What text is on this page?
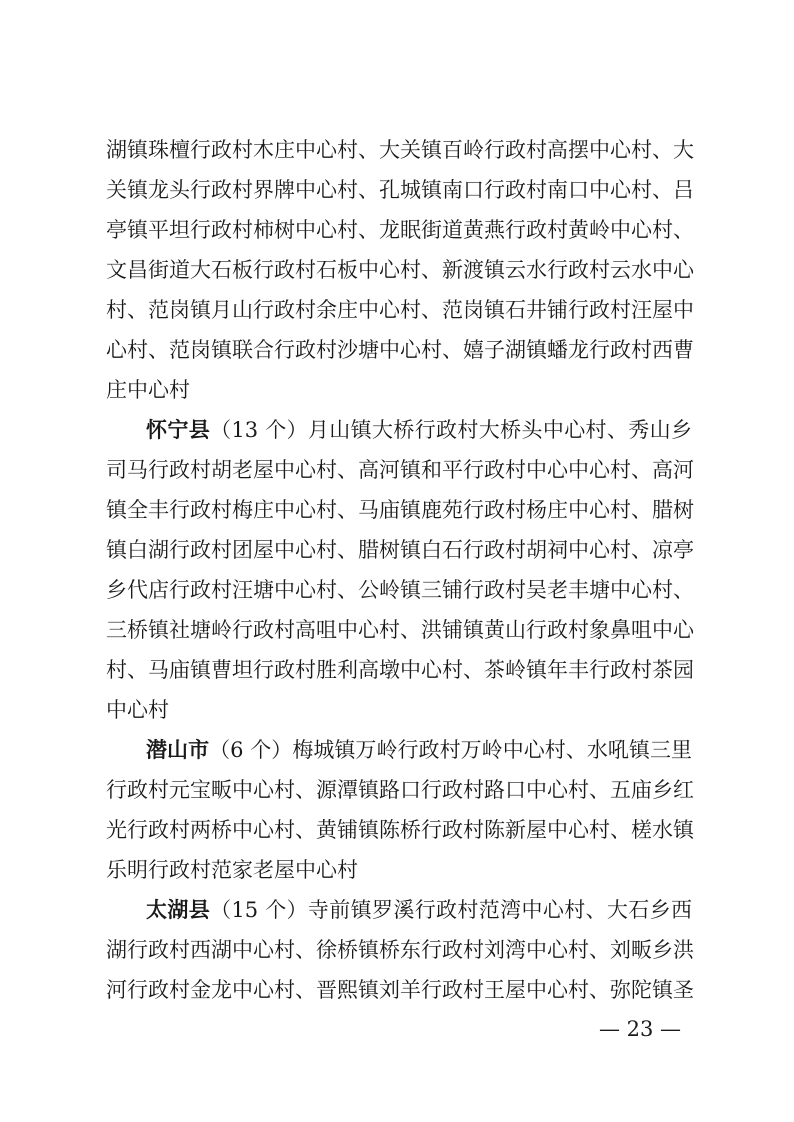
湖镇珠檀行政村木庄中心村、大关镇百岭行政村高摆中心村、大
关镇龙头行政村界牌中心村、孔城镇南口行政村南口中心村、吕
亭镇平坦行政村柿树中心村、龙眠街道黄燕行政村黄岭中心村、
文昌街道大石板行政村石板中心村、新渡镇云水行政村云水中心
村、范岗镇月山行政村余庄中心村、范岗镇石井铺行政村汪屋中
心村、范岗镇联合行政村沙塘中心村、嬉子湖镇蟠龙行政村西曹
庄中心村
怀宁县（13 个）月山镇大桥行政村大桥头中心村、秀山乡
司马行政村胡老屋中心村、高河镇和平行政村中心中心村、高河
镇全丰行政村梅庄中心村、马庙镇鹿苑行政村杨庄中心村、腊树
镇白湖行政村团屋中心村、腊树镇白石行政村胡祠中心村、凉亭
乡代店行政村汪塘中心村、公岭镇三铺行政村吴老丰塘中心村、
三桥镇社塘岭行政村高咀中心村、洪铺镇黄山行政村象鼻咀中心
村、马庙镇曹坦行政村胜利高墩中心村、茶岭镇年丰行政村茶园
中心村
潜山市（6 个）梅城镇万岭行政村万岭中心村、水吼镇三里
行政村元宝畈中心村、源潭镇路口行政村路口中心村、五庙乡红
光行政村两桥中心村、黄铺镇陈桥行政村陈新屋中心村、槎水镇
乐明行政村范家老屋中心村
太湖县（15 个）寺前镇罗溪行政村范湾中心村、大石乡西
湖行政村西湖中心村、徐桥镇桥东行政村刘湾中心村、刘畈乡洪
河行政村金龙中心村、晋熙镇刘羊行政村王屋中心村、弥陀镇圣
— 23 —
